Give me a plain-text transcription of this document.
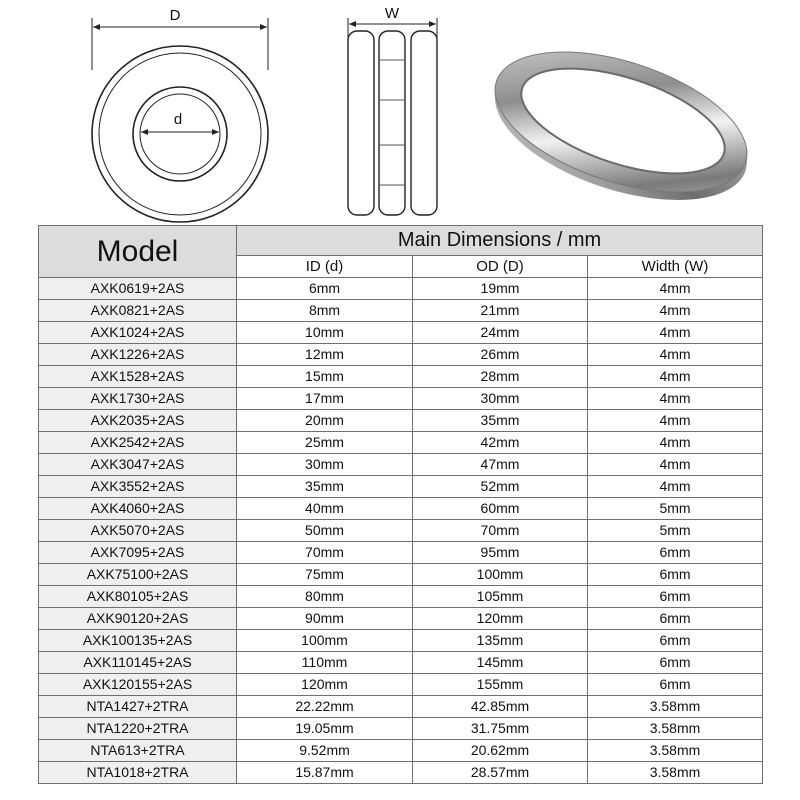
D
d
W
Model	Main Dimensions / mm		
	ID (d)	OD (D)	Width (W)
AXK0619+2AS	6mm	19mm	4mm
AXK0821+2AS	8mm	21mm	4mm
AXK1024+2AS	10mm	24mm	4mm
AXK1226+2AS	12mm	26mm	4mm
AXK1528+2AS	15mm	28mm	4mm
AXK1730+2AS	17mm	30mm	4mm
AXK2035+2AS	20mm	35mm	4mm
AXK2542+2AS	25mm	42mm	4mm
AXK3047+2AS	30mm	47mm	4mm
AXK3552+2AS	35mm	52mm	4mm
AXK4060+2AS	40mm	60mm	5mm
AXK5070+2AS	50mm	70mm	5mm
AXK7095+2AS	70mm	95mm	6mm
AXK75100+2AS	75mm	100mm	6mm
AXK80105+2AS	80mm	105mm	6mm
AXK90120+2AS	90mm	120mm	6mm
AXK100135+2AS	100mm	135mm	6mm
AXK110145+2AS	110mm	145mm	6mm
AXK120155+2AS	120mm	155mm	6mm
NTA1427+2TRA	22.22mm	42.85mm	3.58mm
NTA1220+2TRA	19.05mm	31.75mm	3.58mm
NTA613+2TRA	9.52mm	20.62mm	3.58mm
NTA1018+2TRA	15.87mm	28.57mm	3.58mm
